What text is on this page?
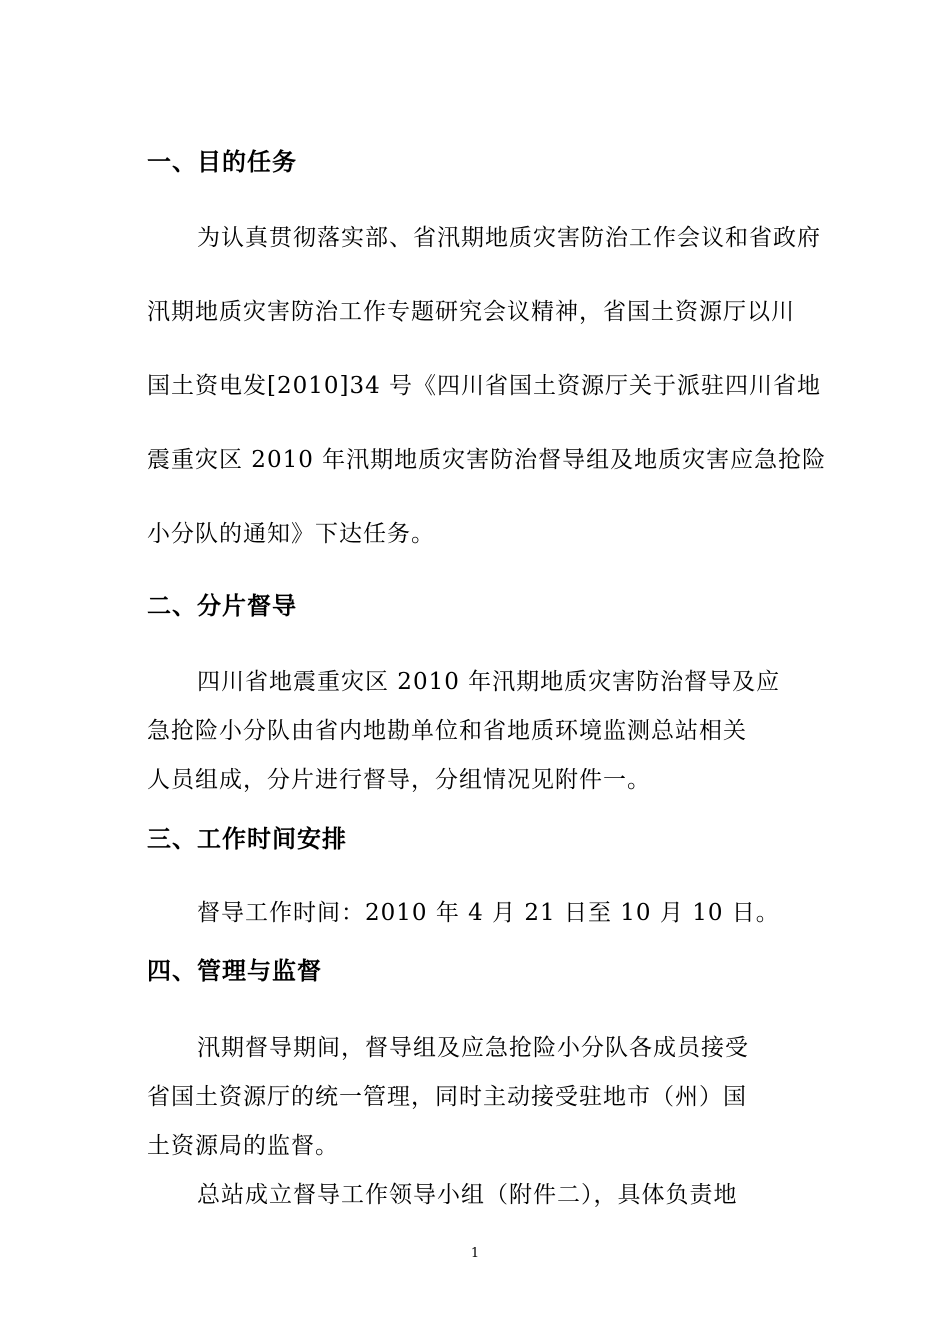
一、目的任务
为认真贯彻落实部、省汛期地质灾害防治工作会议和省政府
汛期地质灾害防治工作专题研究会议精神，省国土资源厅以川
国土资电发[2010]34 号《四川省国土资源厅关于派驻四川省地
震重灾区 2010 年汛期地质灾害防治督导组及地质灾害应急抢险
小分队的通知》下达任务。
二、分片督导
四川省地震重灾区 2010 年汛期地质灾害防治督导及应
急抢险小分队由省内地勘单位和省地质环境监测总站相关
人员组成，分片进行督导，分组情况见附件一。
三、工作时间安排
督导工作时间：2010 年 4 月 21 日至 10 月 10 日。
四、管理与监督
汛期督导期间，督导组及应急抢险小分队各成员接受
省国土资源厅的统一管理，同时主动接受驻地市（州）国
土资源局的监督。
总站成立督导工作领导小组（附件二），具体负责地
1
